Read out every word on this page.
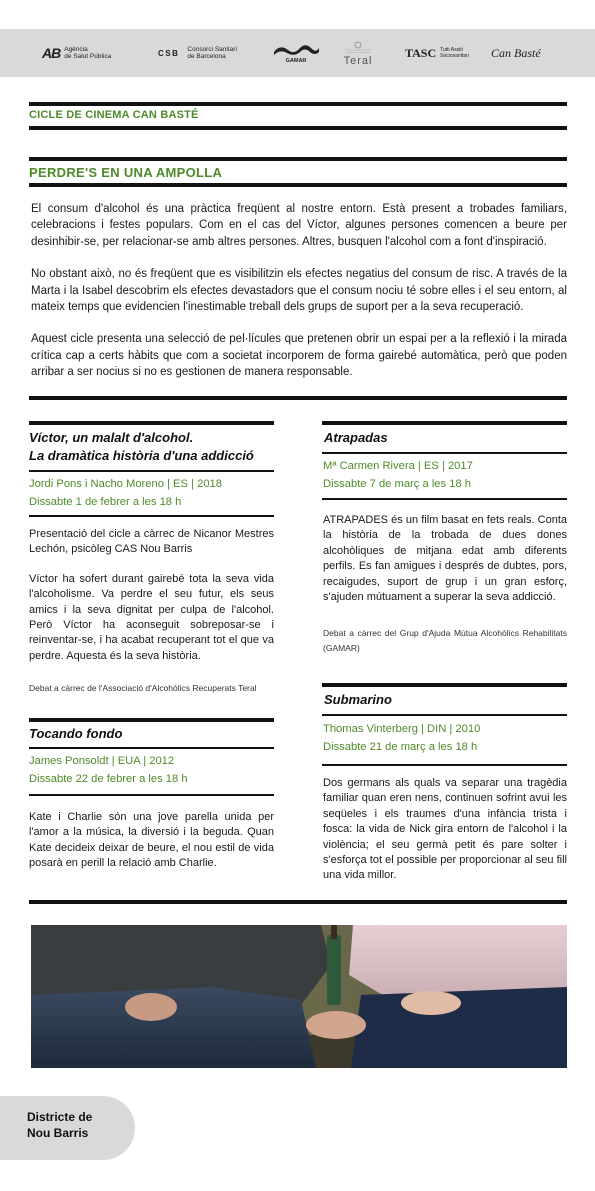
AB Agència
de Salut Pública	CSB Consorci Sanitari
de Barcelona
GAMAR	Teral
TASC Tutti Assiti
Sociosanitari Can Basté
CICLE DE CINEMA CAN BASTÉ
PERDRE'S EN UNA AMPOLLA

El consum d'alcohol és una pràctica freqüent al nostre entorn. Està present a trobades familiars, celebracions i festes populars. Com en el cas del Víctor, algunes persones comencen a beure per desinhibir-se, per relacionar-se amb altres persones. Altres, busquen l'alcohol com a font d'inspiració.

No obstant això, no és freqüent que es visibilitzin els efectes negatius del consum de risc. A través de la Marta i la Isabel descobrim els efectes devastadors que el consum nociu té sobre elles i el seu entorn, al mateix temps que evidencien l'inestimable treball dels grups de suport per a la seva recuperació.

Aquest cicle presenta una selecció de pel·lícules que pretenen obrir un espai per a la reflexió i la mirada crítica cap a certs hàbits que com a societat incorporem de forma gairebé automàtica, però que poden arribar a ser nocius si no es gestionen de manera responsable.

Víctor, un malalt d'alcohol.
La dramàtica història d'una addicció
Jordi Pons i Nacho Moreno | ES | 2018
Dissabte 1 de febrer a les 18 h

Presentació del cicle a càrrec de Nicanor Mestres Lechón, psicòleg CAS Nou Barris

Víctor ha sofert durant gairebé tota la seva vida l'alcoholisme. Va perdre el seu futur, els seus amics i la seva dignitat per culpa de l'alcohol. Però Víctor ha aconseguit sobreposar-se i reinventar-se, i ha acabat recuperant tot el que va perdre. Aquesta és la seva història.

Debat a càrrec de l'Associació d'Alcohòlics Recuperats Teral
Tocando fondo
James Ponsoldt | EUA | 2012
Dissabte 22 de febrer a les 18 h
Kate i Charlie són una jove parella unida per l'amor a la música, la diversió i la beguda. Quan Kate decideix deixar de beure, el nou estil de vida posarà en perill la relació amb Charlie.
Atrapadas
Mª Carmen Rivera | ES | 2017
Dissabte 7 de març a les 18 h
ATRAPADES és un film basat en fets reals. Conta la història de la trobada de dues dones alcohòliques de mitjana edat amb diferents perfils. Es fan amigues i després de dubtes, pors, recaigudes, suport de grup i un gran esforç, s'ajuden mútuament a superar la seva addicció.
Debat a càrrec del Grup d'Ajuda Mútua Alcohòlics Rehabilitats (GAMAR)
Submarino
Thomas Vinterberg | DIN | 2010
Dissabte 21 de març a les 18 h
Dos germans als quals va separar una tragèdia familiar quan eren nens, continuen sofrint avui les seqüeles i els traumes d'una infància trista i fosca: la vida de Nick gira entorn de l'alcohol i la violència; el seu germà petit és pare solter i s'esforça tot el possible per proporcionar al seu fill una vida millor.
Districte de
Nou Barris
